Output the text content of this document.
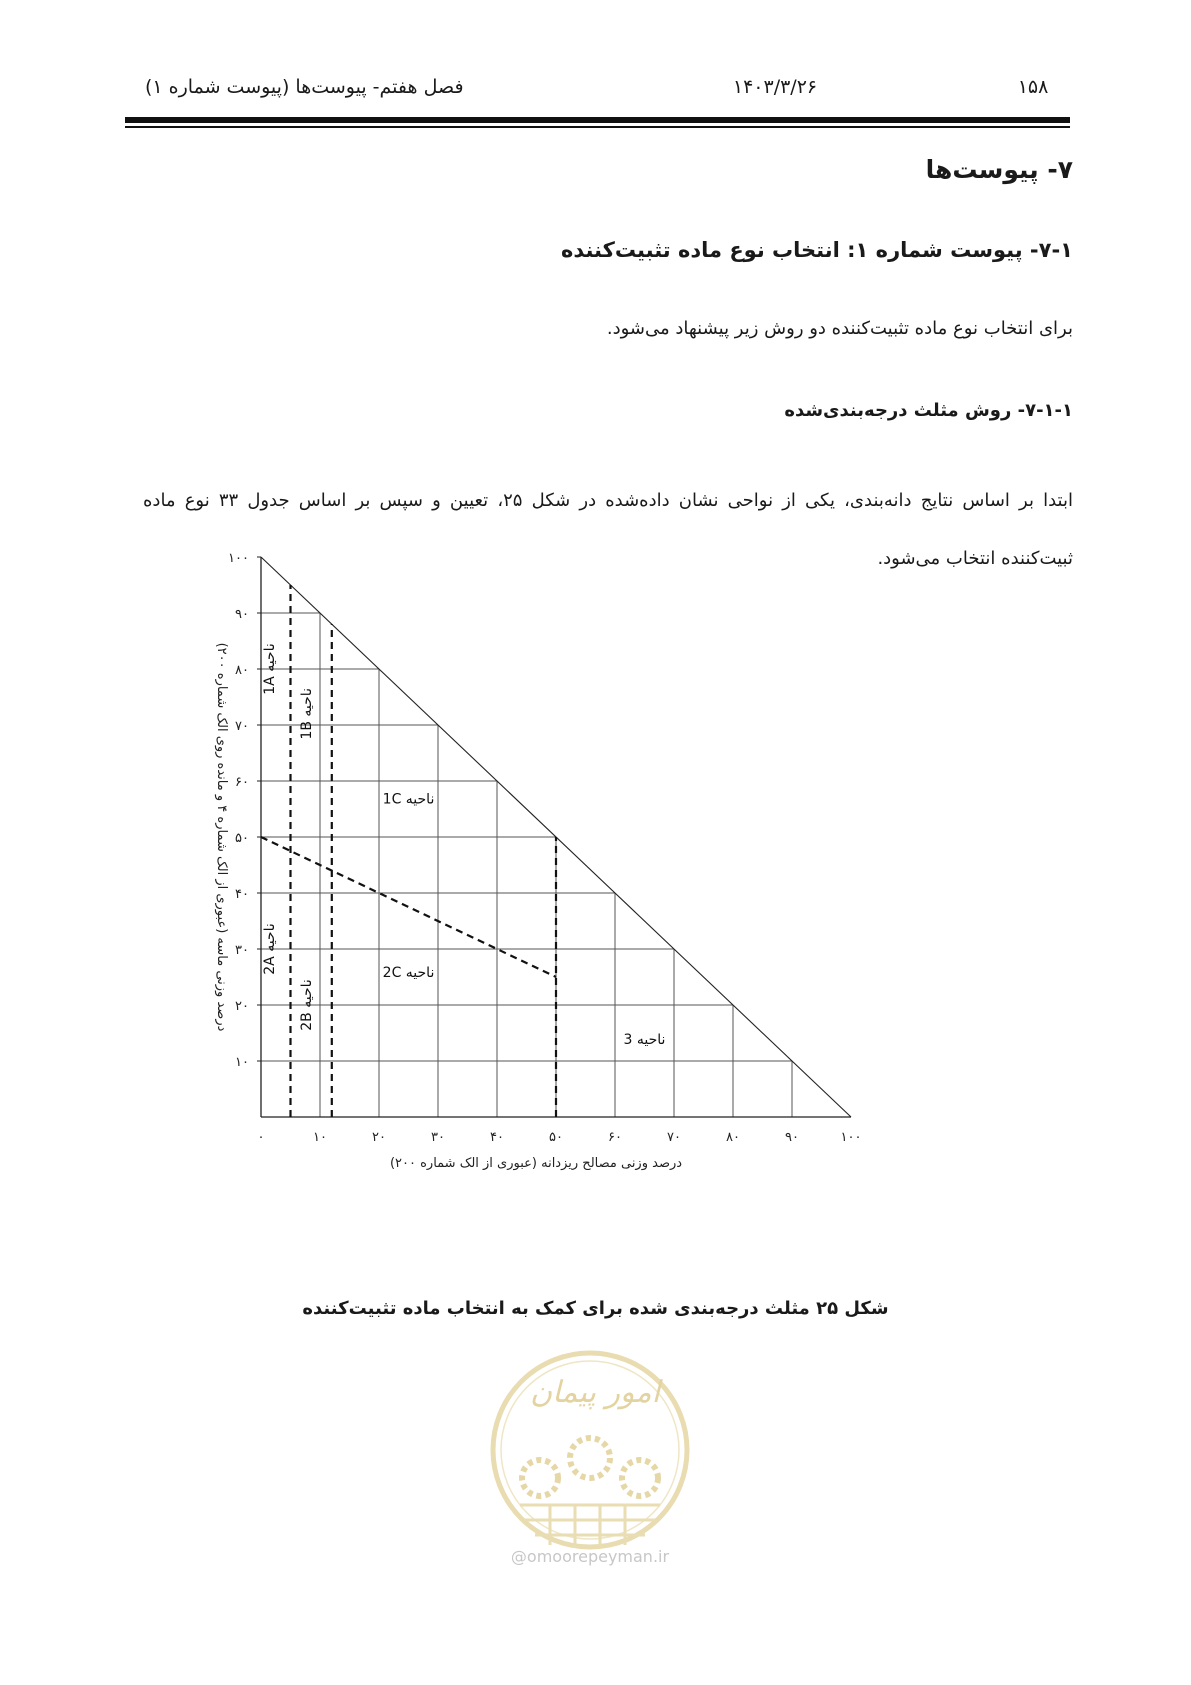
۱۵۸
۱۴۰۳/۳/۲۶
فصل هفتم- پیوست‌ها (پیوست شماره ۱)
۷- پیوست‌ها
۷-۱- پیوست شماره ۱: انتخاب نوع ماده تثبیت‌کننده
برای انتخاب نوع ماده تثبیت‌کننده دو روش زیر پیشنهاد می‌شود.
۷-۱-۱- روش مثلث درجه‌بندی‌شده
ابتدا بر اساس نتایج دانه‌بندی، یکی از نواحی نشان داده‌شده در شکل ۲۵، تعیین و سپس بر اساس جدول ۳۳ نوع ماده ثبیت‌کننده انتخاب می‌شود.
۱۰
۲۰
۳۰
۴۰
۵۰
۶۰
۷۰
۸۰
۹۰
۱۰۰
۰	۱۰	۲۰	۳۰	۴۰	۵۰	۶۰	۷۰	۸۰	۹۰	۱۰۰
درصد وزنی مصالح ریزدانه (عبوری از الک شماره ۲۰۰)
درصد وزنی ماسه (عبوری از الک شماره ۴ و مانده روی الک شماره ۲۰۰)
ناحیه 1A
ناحیه 1B
ناحیه 1C
ناحیه 2A
ناحیه 2B
ناحیه 2C
ناحیه 3
شکل ۲۵ مثلث درجه‌بندی شده برای کمک به انتخاب ماده تثبیت‌کننده
امور پیمان
@omoorepeyman.ir
